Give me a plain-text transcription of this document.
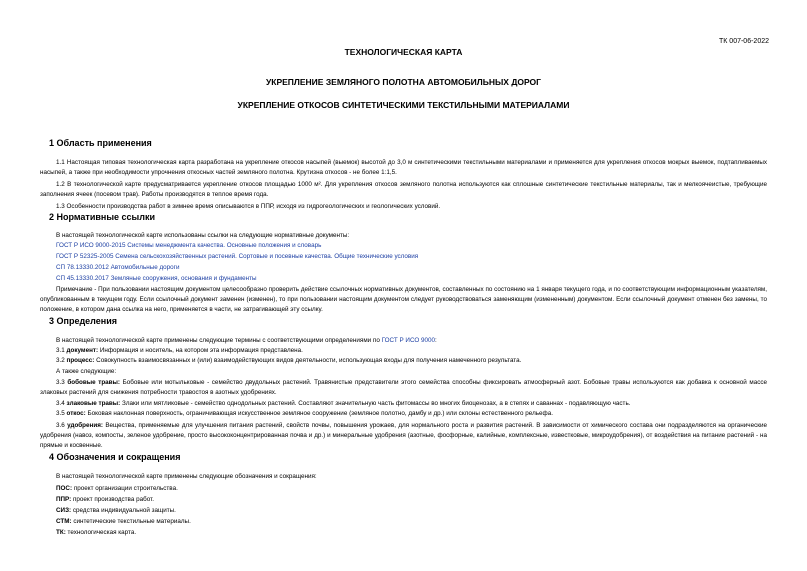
ТК 007-06-2022
ТЕХНОЛОГИЧЕСКАЯ КАРТА
УКРЕПЛЕНИЕ ЗЕМЛЯНОГО ПОЛОТНА АВТОМОБИЛЬНЫХ ДОРОГ
УКРЕПЛЕНИЕ ОТКОСОВ СИНТЕТИЧЕСКИМИ ТЕКСТИЛЬНЫМИ МАТЕРИАЛАМИ
1 Область применения
1.1 Настоящая типовая технологическая карта разработана на укрепление откосов насыпей (выемок) высотой до 3,0 м синтетическими текстильными материалами и применяется для укрепления откосов мокрых выемок, подтапливаемых насыпей, а также при необходимости упрочнения откосных частей земляного полотна. Крутизна откосов - не более 1:1,5.
1.2 В технологической карте предусматривается укрепление откосов площадью 1000 м². Для укрепления откосов земляного полотна используются как сплошные синтетические текстильные материалы, так и мелкоячеистые, требующие заполнения ячеек (посевом трав). Работы производятся в теплое время года.
1.3 Особенности производства работ в зимнее время описываются в ППР, исходя из гидрогеологических и геологических условий.
2 Нормативные ссылки
В настоящей технологической карте использованы ссылки на следующие нормативные документы:
ГОСТ Р ИСО 9000-2015 Системы менеджмента качества. Основные положения и словарь
ГОСТ Р 52325-2005 Семена сельскохозяйственных растений. Сортовые и посевные качества. Общие технические условия
СП 78.13330.2012 Автомобильные дороги
СП 45.13330.2017 Земляные сооружения, основания и фундаменты
Примечание - При пользовании настоящим документом целесообразно проверить действие ссылочных нормативных документов, составленных по состоянию на 1 января текущего года, и по соответствующим информационным указателям, опубликованным в текущем году. Если ссылочный документ заменен (изменен), то при пользовании настоящим документом следует руководствоваться заменяющим (измененным) документом. Если ссылочный документ отменен без замены, то положение, в котором дана ссылка на него, применяется в части, не затрагивающей эту ссылку.
3 Определения
В настоящей технологической карте применены следующие термины с соответствующими определениями по ГОСТ Р ИСО 9000:
3.1 документ: Информация и носитель, на котором эта информация представлена.
3.2 процесс: Совокупность взаимосвязанных и (или) взаимодействующих видов деятельности, использующая входы для получения намеченного результата.
А также следующие:
3.3 бобовые травы: Бобовые или мотыльковые - семейство двудольных растений. Травянистые представители этого семейства способны фиксировать атмосферный азот. Бобовые травы используются как добавка к основной массе злаковых растений для снижения потребности травостоя в азотных удобрениях.
3.4 злаковые травы: Злаки или мятликовые - семейство однодольных растений. Составляют значительную часть фитомассы во многих биоценозах, а в степях и саваннах - подавляющую часть.
3.5 откос: Боковая наклонная поверхность, ограничивающая искусственное земляное сооружение (земляное полотно, дамбу и др.) или склоны естественного рельефа.
3.6 удобрения: Вещества, применяемые для улучшения питания растений, свойств почвы, повышения урожаев, для нормального роста и развития растений. В зависимости от химического состава они подразделяются на органические удобрения (навоз, компосты, зеленое удобрение, просто высококонцентрированная почва и др.) и минеральные удобрения (азотные, фосфорные, калийные, комплексные, известковые, микроудобрения), от воздействия на питание растений - на прямые и косвенные.
4 Обозначения и сокращения
В настоящей технологической карте применены следующие обозначения и сокращения:
ПОС: проект организации строительства.
ППР: проект производства работ.
СИЗ: средства индивидуальной защиты.
СТМ: синтетические текстильные материалы.
ТК: технологическая карта.
